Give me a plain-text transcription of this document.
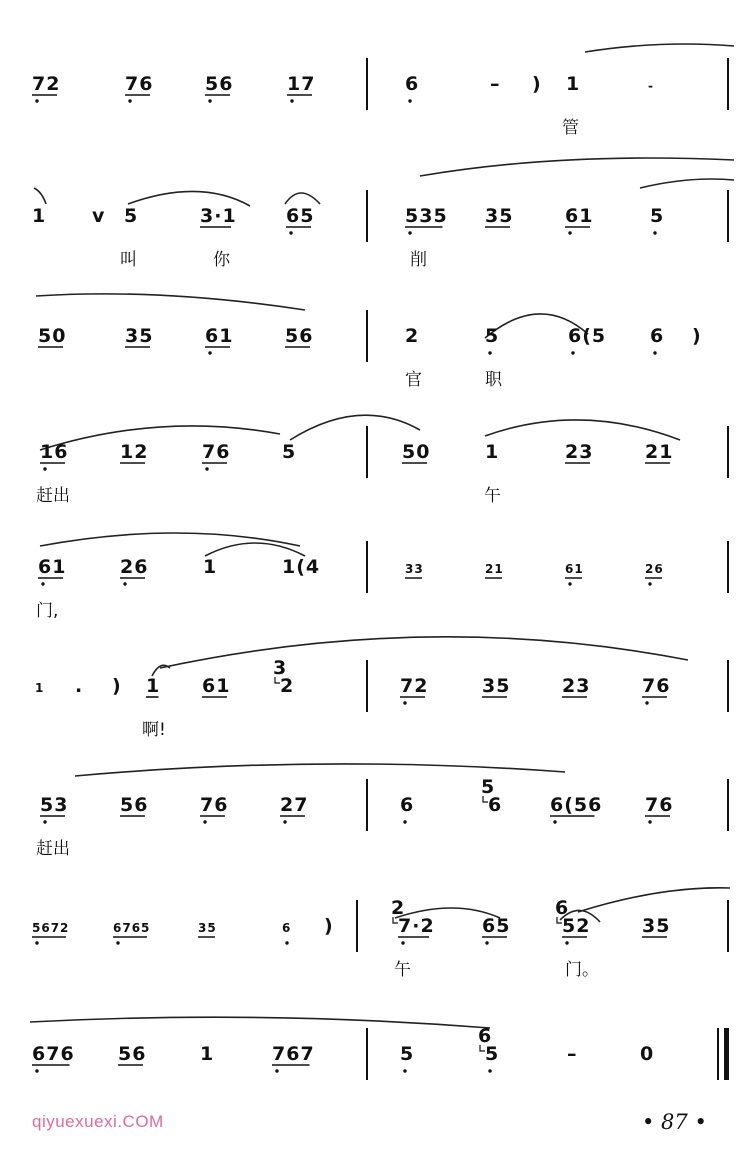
72	76	56	17	6	– ) 1	-
1 v 5	3·1	65	535 35	61	5
50	35	61	56	2	5	6(5 6 )
16	12	76	5	50	1	23	21
61	26	1	1(4	33	21	61	26
1 . ) 1 61	2
3
72	35	23	76
53	56	76	27	6	6
5
6(56 76
5672	6765	35	6 )	7·2
2
65	52
6
35
676 56	1	767	5	5
6
–	0
管
叫	你	削
官	职
赶出	午
门,
啊!
赶出
午	门。
qiyuexuexi.COM	• 87 •
